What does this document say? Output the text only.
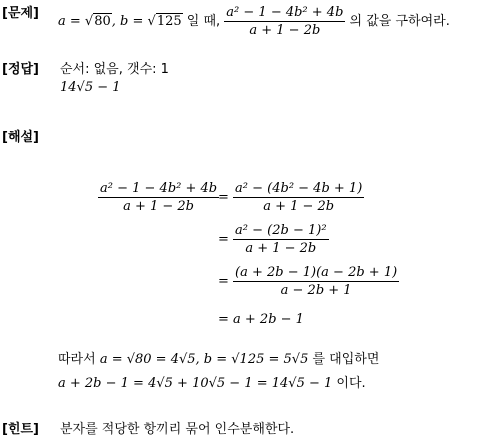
[문제]
a = √80, b = √125 일 때, $\frac{\text{a² − 1 − 4b² + 4b}}{a + 1 - 2b}$ 의 값을 구하여라.
[정답] 순서: 없음, 갯수: 1
14√5 − 1
[해설]
$\frac{\text{a² − 1 − 4b² + 4b}}{a + 1 - 2b}$
= $\frac{\text{a² − (4b² − 4b + 1)}}{a + 1 - 2b}$
= $\frac{\text{a² − (2b − 1)²}}{a + 1 - 2b}$
= $\frac{(a + 2b - 1)(a - 2b + 1)}{a - 2b + 1}$
= a + 2b − 1
따라서 a = √80 = 4√5, b = √125 = 5√5 를 대입하면
a + 2b − 1 = 4√5 + 10√5 − 1 = 14√5 − 1 이다.
[힌트] 분자를 적당한 항끼리 묶어 인수분해한다.
